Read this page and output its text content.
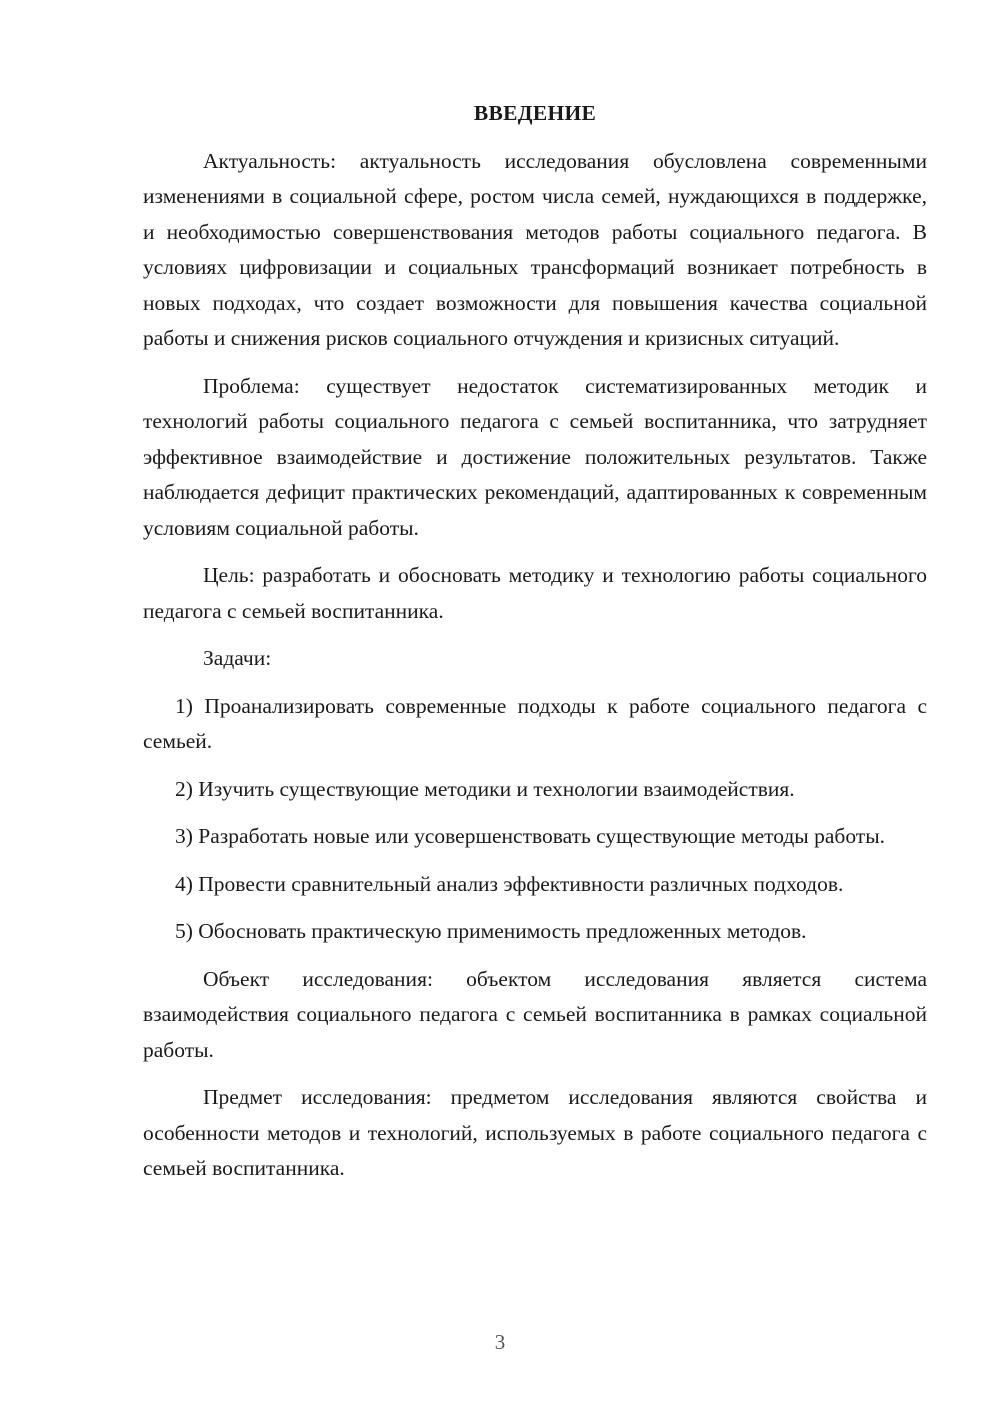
ВВЕДЕНИЕ

Актуальность: актуальность исследования обусловлена современными изменениями в социальной сфере, ростом числа семей, нуждающихся в поддержке, и необходимостью совершенствования методов работы социального педагога. В условиях цифровизации и социальных трансформаций возникает потребность в новых подходах, что создает возможности для повышения качества социальной работы и снижения рисков социального отчуждения и кризисных ситуаций.

Проблема: существует недостаток систематизированных методик и технологий работы социального педагога с семьей воспитанника, что затрудняет эффективное взаимодействие и достижение положительных результатов. Также наблюдается дефицит практических рекомендаций, адаптированных к современным условиям социальной работы.

Цель: разработать и обосновать методику и технологию работы социального педагога с семьей воспитанника.

Задачи:

1) Проанализировать современные подходы к работе социального педагога с семьей.

2) Изучить существующие методики и технологии взаимодействия.

3) Разработать новые или усовершенствовать существующие методы работы.

4) Провести сравнительный анализ эффективности различных подходов.

5) Обосновать практическую применимость предложенных методов.

Объект исследования: объектом исследования является система взаимодействия социального педагога с семьей воспитанника в рамках социальной работы.

Предмет исследования: предметом исследования являются свойства и особенности методов и технологий, используемых в работе социального педагога с семьей воспитанника.

3
